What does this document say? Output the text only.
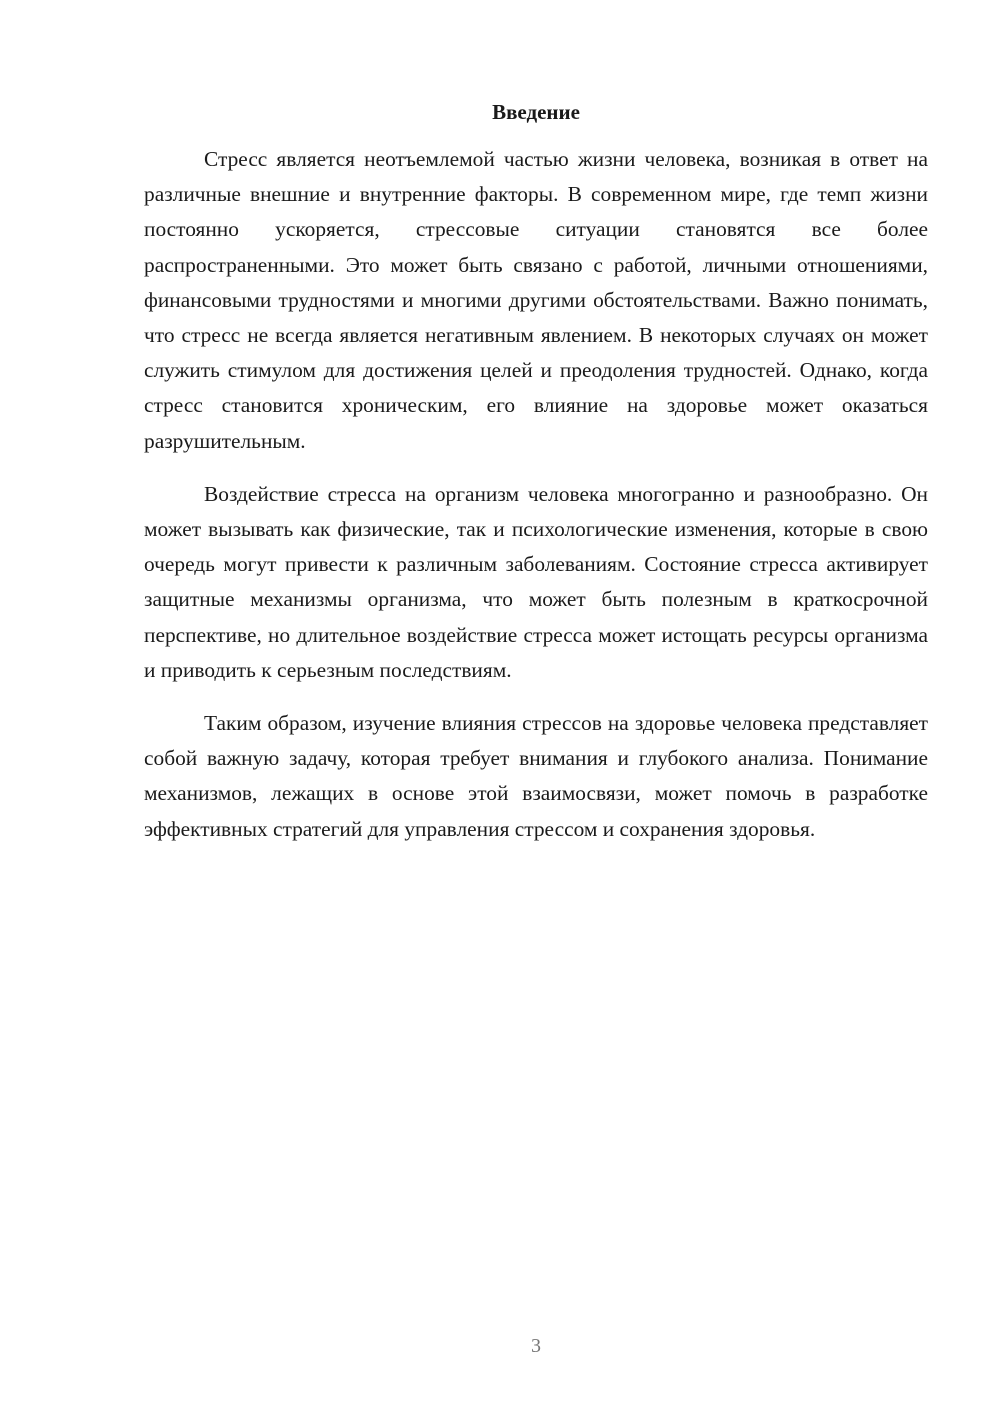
Введение

Стресс является неотъемлемой частью жизни человека, возникая в ответ на различные внешние и внутренние факторы. В современном мире, где темп жизни постоянно ускоряется, стрессовые ситуации становятся все более распространенными. Это может быть связано с работой, личными отношениями, финансовыми трудностями и многими другими обстоятельствами. Важно понимать, что стресс не всегда является негативным явлением. В некоторых случаях он может служить стимулом для достижения целей и преодоления трудностей. Однако, когда стресс становится хроническим, его влияние на здоровье может оказаться разрушительным.

Воздействие стресса на организм человека многогранно и разнообразно. Он может вызывать как физические, так и психологические изменения, которые в свою очередь могут привести к различным заболеваниям. Состояние стресса активирует защитные механизмы организма, что может быть полезным в краткосрочной перспективе, но длительное воздействие стресса может истощать ресурсы организма и приводить к серьезным последствиям.

Таким образом, изучение влияния стрессов на здоровье человека представляет собой важную задачу, которая требует внимания и глубокого анализа. Понимание механизмов, лежащих в основе этой взаимосвязи, может помочь в разработке эффективных стратегий для управления стрессом и сохранения здоровья.

3
